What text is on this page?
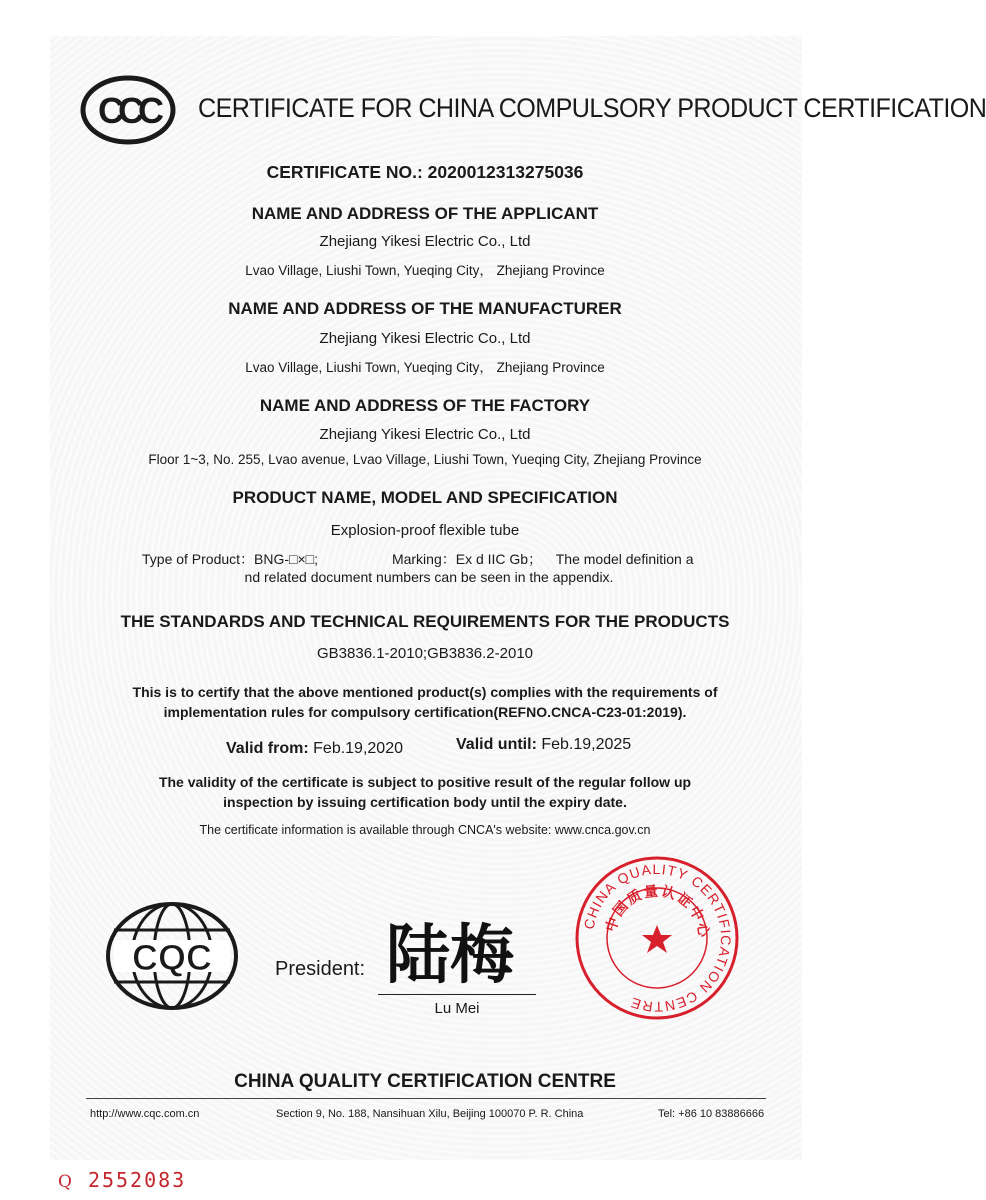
CCC CERTIFICATE FOR CHINA COMPULSORY PRODUCT CERTIFICATION
CERTIFICATE NO.: 2020012313275036
NAME AND ADDRESS OF THE APPLICANT
Zhejiang Yikesi Electric Co., Ltd
Lvao Village, Liushi Town, Yueqing City， Zhejiang Province
NAME AND ADDRESS OF THE MANUFACTURER
Zhejiang Yikesi Electric Co., Ltd
Lvao Village, Liushi Town, Yueqing City， Zhejiang Province
NAME AND ADDRESS OF THE FACTORY
Zhejiang Yikesi Electric Co., Ltd
Floor 1~3, No. 255, Lvao avenue, Lvao Village, Liushi Town, Yueqing City, Zhejiang Province
PRODUCT NAME, MODEL AND SPECIFICATION
Explosion-proof flexible tube
Type of Product：BNG-□×□;	Marking：Ex d IIC Gb； The model definition a
nd related document numbers can be seen in the appendix.
THE STANDARDS AND TECHNICAL REQUIREMENTS FOR THE PRODUCTS
GB3836.1-2010;GB3836.2-2010
This is to certify that the above mentioned product(s) complies with the requirements of
implementation rules for compulsory certification(REFNO.CNCA-C23-01:2019).
Valid from: Feb.19,2020	Valid until: Feb.19,2025
The validity of the certificate is subject to positive result of the regular follow up
inspection by issuing certification body until the expiry date.
The certificate information is available through CNCA's website: www.cnca.gov.cn
CQC	President: 陆梅
Lu Mei
CHINA QUALITY CERTIFICATION CENTRE
中国质量认证中心
CHINA QUALITY CERTIFICATION CENTRE
http://www.cqc.com.cn	Section 9, No. 188, Nansihuan Xilu, Beijing 100070 P. R. China	Tel: +86 10 83886666
Q 2552083
